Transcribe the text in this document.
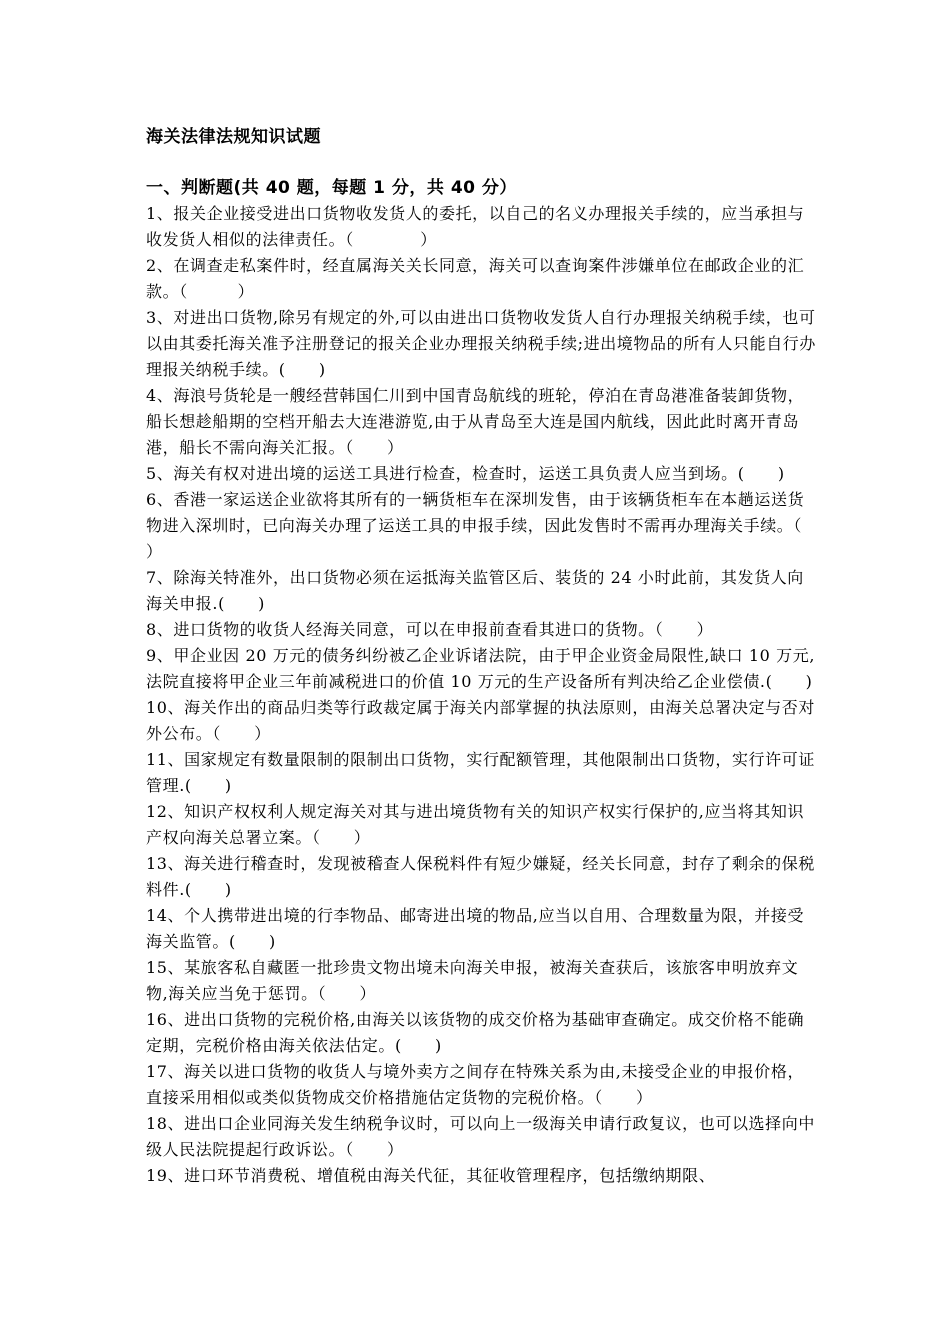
海关法律法规知识试题
一、判断题(共 40 题，每题 1 分，共 40 分）
1、报关企业接受进出口货物收发货人的委托，以自己的名义办理报关手续的，应当承担与收发货人相似的法律责任。（　　　　）
2、在调查走私案件时，经直属海关关长同意，海关可以查询案件涉嫌单位在邮政企业的汇款。（　　　）
3、对进出口货物,除另有规定的外,可以由进出口货物收发货人自行办理报关纳税手续，也可以由其委托海关准予注册登记的报关企业办理报关纳税手续;进出境物品的所有人只能自行办理报关纳税手续。(　　)
4、海浪号货轮是一艘经营韩国仁川到中国青岛航线的班轮，停泊在青岛港准备装卸货物，船长想趁船期的空档开船去大连港游览,由于从青岛至大连是国内航线，因此此时离开青岛港，船长不需向海关汇报。（　　）
5、海关有权对进出境的运送工具进行检查，检查时，运送工具负责人应当到场。(　　)
6、香港一家运送企业欲将其所有的一辆货柜车在深圳发售，由于该辆货柜车在本趟运送货物进入深圳时，已向海关办理了运送工具的申报手续，因此发售时不需再办理海关手续。（　　）
7、除海关特准外，出口货物必须在运抵海关监管区后、装货的 24 小时此前，其发货人向海关申报.(　　)
8、进口货物的收货人经海关同意，可以在申报前查看其进口的货物。（　　）
9、甲企业因 20 万元的债务纠纷被乙企业诉诸法院，由于甲企业资金局限性,缺口 10 万元,法院直接将甲企业三年前减税进口的价值 10 万元的生产设备所有判决给乙企业偿债.(　　)
10、海关作出的商品归类等行政裁定属于海关内部掌握的执法原则，由海关总署决定与否对外公布。（　　）
11、国家规定有数量限制的限制出口货物，实行配额管理，其他限制出口货物，实行许可证管理.(　　)
12、知识产权权利人规定海关对其与进出境货物有关的知识产权实行保护的,应当将其知识产权向海关总署立案。（　　）
13、海关进行稽查时，发现被稽查人保税料件有短少嫌疑，经关长同意，封存了剩余的保税料件.(　　)
14、个人携带进出境的行李物品、邮寄进出境的物品,应当以自用、合理数量为限，并接受海关监管。(　　)
15、某旅客私自藏匿一批珍贵文物出境未向海关申报，被海关查获后，该旅客申明放弃文物,海关应当免于惩罚。（　　）
16、进出口货物的完税价格,由海关以该货物的成交价格为基础审查确定。成交价格不能确定期，完税价格由海关依法估定。(　　)
17、海关以进口货物的收货人与境外卖方之间存在特殊关系为由,未接受企业的申报价格，直接采用相似或类似货物成交价格措施估定货物的完税价格。（　　）
18、进出口企业同海关发生纳税争议时，可以向上一级海关申请行政复议，也可以选择向中级人民法院提起行政诉讼。（　　）
19、进口环节消费税、增值税由海关代征，其征收管理程序，包括缴纳期限、
